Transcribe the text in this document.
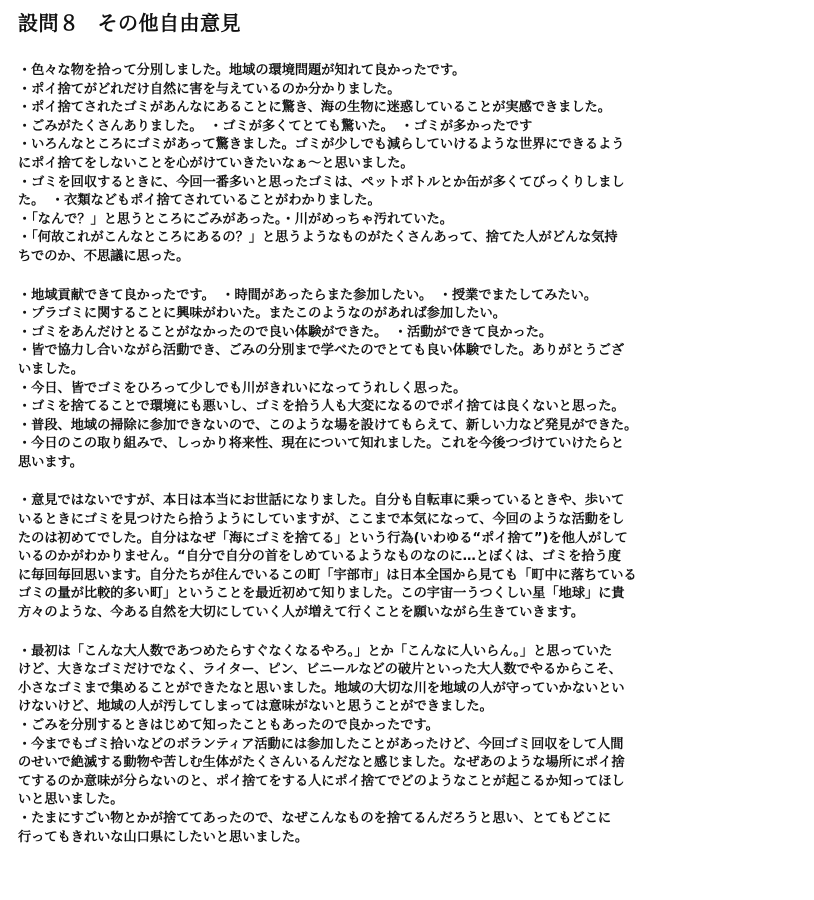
設問８ その他自由意見

・色々な物を拾って分別しました。地域の環境問題が知れて良かったです。

・ポイ捨てがどれだけ自然に害を与えているのか分かりました。

・ポイ捨てされたゴミがあんなにあることに驚き、海の生物に迷惑していることが実感できました。

・ごみがたくさんありました。　・ゴミが多くてとても驚いた。　・ゴミが多かったです

・いろんなところにゴミがあって驚きました。ゴミが少しでも減らしていけるような世界にできるよう

にポイ捨てをしないことを心がけていきたいなぁ～と思いました。

・ゴミを回収するときに、今回一番多いと思ったゴミは、ペットボトルとか缶が多くてびっくりしまし

た。　・衣類などもポイ捨てされていることがわかりました。

・「なんで？」と思うところにごみがあった。・川がめっちゃ汚れていた。

・「何故これがこんなところにあるの？」と思うようなものがたくさんあって、捨てた人がどんな気持

ちでのか、不思議に思った。

・地域貢献できて良かったです。　・時間があったらまた参加したい。　・授業でまたしてみたい。

・プラゴミに関することに興味がわいた。またこのようなのがあれば参加したい。

・ゴミをあんだけとることがなかったので良い体験ができた。　・活動ができて良かった。

・皆で協力し合いながら活動でき、ごみの分別まで学べたのでとても良い体験でした。ありがとうござ

いました。

・今日、皆でゴミをひろって少しでも川がきれいになってうれしく思った。

・ゴミを捨てることで環境にも悪いし、ゴミを拾う人も大変になるのでポイ捨ては良くないと思った。

・普段、地域の掃除に参加できないので、このような場を設けてもらえて、新しい力など発見ができた。

・今日のこの取り組みで、しっかり将来性、現在について知れました。これを今後つづけていけたらと

思います。

・意見ではないですが、本日は本当にお世話になりました。自分も自転車に乗っているときや、歩いて

いるときにゴミを見つけたら拾うようにしていますが、ここまで本気になって、今回のような活動をし

たのは初めてでした。自分はなぜ「海にゴミを捨てる」という行為(いわゆる“ポイ捨て”)を他人がして

いるのかがわかりません。“自分で自分の首をしめているようなものなのに…とぼくは、ゴミを拾う度

に毎回毎回思います。自分たちが住んでいるこの町「宇部市」は日本全国から見ても「町中に落ちている

ゴミの量が比較的多い町」ということを最近初めて知りました。この宇宙一うつくしい星「地球」に貴

方々のような、今ある自然を大切にしていく人が増えて行くことを願いながら生きていきます。

・最初は「こんな大人数であつめたらすぐなくなるやろ。」とか「こんなに人いらん。」と思っていた

けど、大きなゴミだけでなく、ライター、ピン、ビニールなどの破片といった大人数でやるからこそ、

小さなゴミまで集めることができたなと思いました。地域の大切な川を地域の人が守っていかないとい

けないけど、地域の人が汚してしまっては意味がないと思うことができました。

・ごみを分別するときはじめて知ったこともあったので良かったです。

・今までもゴミ拾いなどのボランティア活動には参加したことがあったけど、今回ゴミ回収をして人間

のせいで絶滅する動物や苦しむ生体がたくさんいるんだなと感じました。なぜあのような場所にポイ捨

てするのか意味が分らないのと、ポイ捨てをする人にポイ捨てでどのようなことが起こるか知ってほし

いと思いました。

・たまにすごい物とかが捨ててあったので、なぜこんなものを捨てるんだろうと思い、とてもどこに

行ってもきれいな山口県にしたいと思いました。
